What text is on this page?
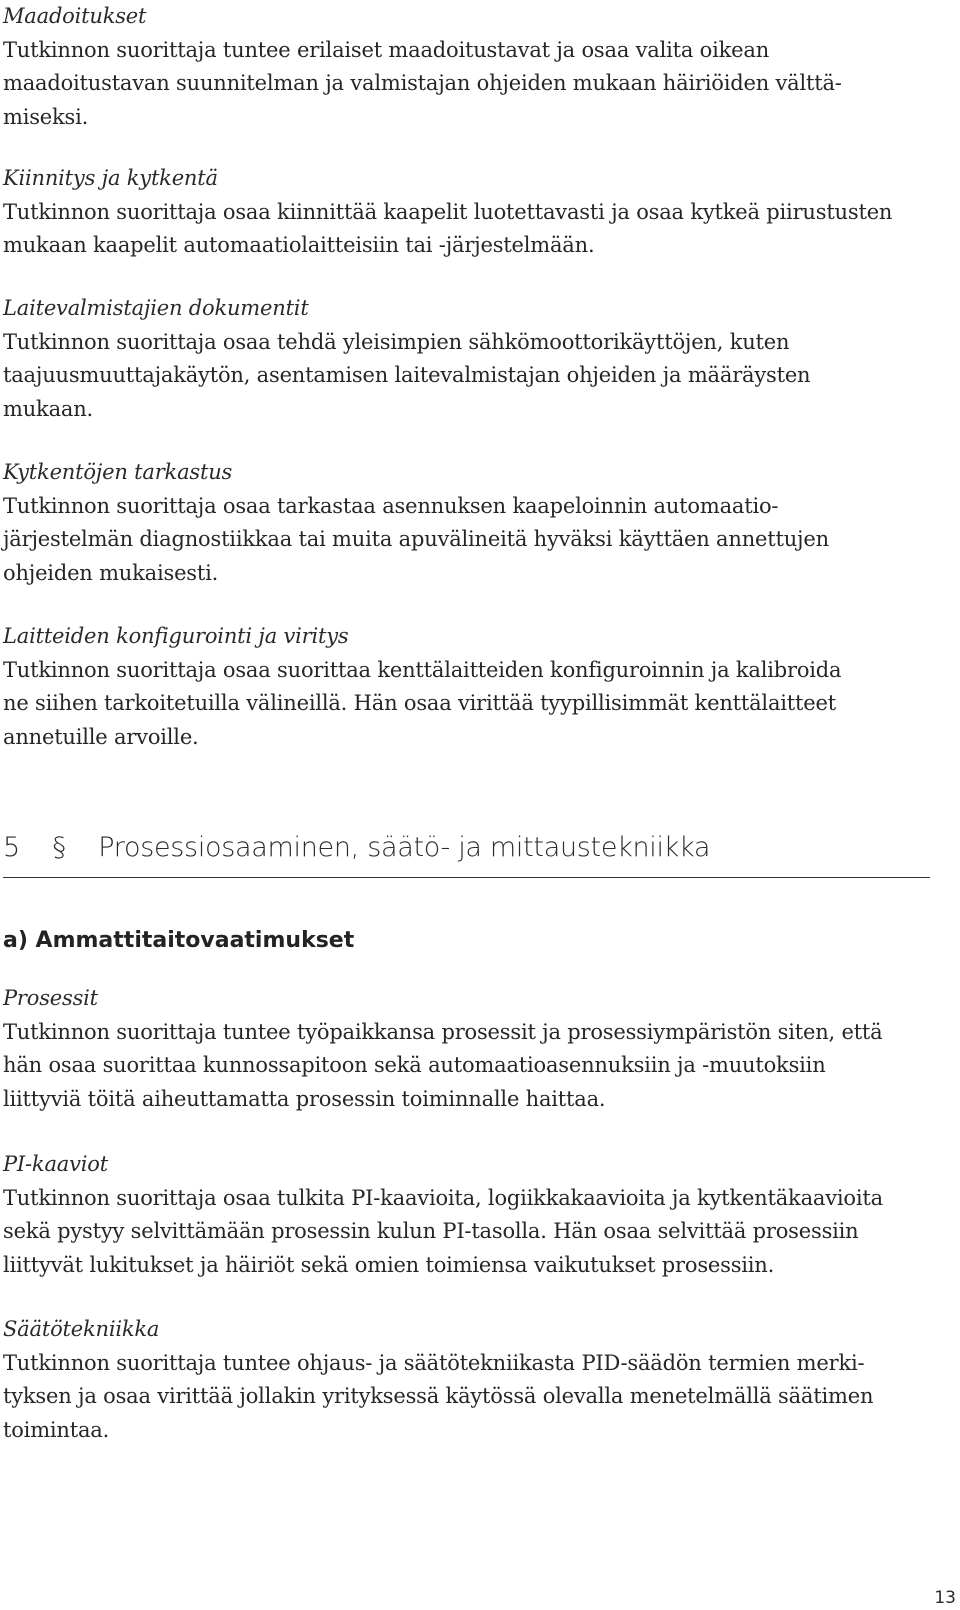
Maadoitukset
Tutkinnon suorittaja tuntee erilaiset maadoitustavat ja osaa valita oikean
maadoitustavan suunnitelman ja valmistajan ohjeiden mukaan häiriöiden välttä-
miseksi.
Kiinnitys ja kytkentä
Tutkinnon suorittaja osaa kiinnittää kaapelit luotettavasti ja osaa kytkeä piirustusten
mukaan kaapelit automaatiolaitteisiin tai -järjestelmään.
Laitevalmistajien dokumentit
Tutkinnon suorittaja osaa tehdä yleisimpien sähkömoottorikäyttöjen, kuten
taajuusmuuttajakäytön, asentamisen laitevalmistajan ohjeiden ja määräysten
mukaan.
Kytkentöjen tarkastus
Tutkinnon suorittaja osaa tarkastaa asennuksen kaapeloinnin automaatio-
järjestelmän diagnostiikkaa tai muita apuvälineitä hyväksi käyttäen annettujen
ohjeiden mukaisesti.
Laitteiden konfigurointi ja viritys
Tutkinnon suorittaja osaa suorittaa kenttälaitteiden konfiguroinnin ja kalibroida
ne siihen tarkoitetuilla välineillä. Hän osaa virittää tyypillisimmät kenttälaitteet
annetuille arvoille.
5 § Prosessiosaaminen, säätö- ja mittaustekniikka
a) Ammattitaitovaatimukset
Prosessit
Tutkinnon suorittaja tuntee työpaikkansa prosessit ja prosessiympäristön siten, että
hän osaa suorittaa kunnossapitoon sekä automaatioasennuksiin ja -muutoksiin
liittyviä töitä aiheuttamatta prosessin toiminnalle haittaa.
PI-kaaviot
Tutkinnon suorittaja osaa tulkita PI-kaavioita, logiikkakaavioita ja kytkentäkaavioita
sekä pystyy selvittämään prosessin kulun PI-tasolla. Hän osaa selvittää prosessiin
liittyvät lukitukset ja häiriöt sekä omien toimiensa vaikutukset prosessiin.
Säätötekniikka
Tutkinnon suorittaja tuntee ohjaus- ja säätötekniikasta PID-säädön termien merki-
tyksen ja osaa virittää jollakin yrityksessä käytössä olevalla menetelmällä säätimen
toimintaa.
13
